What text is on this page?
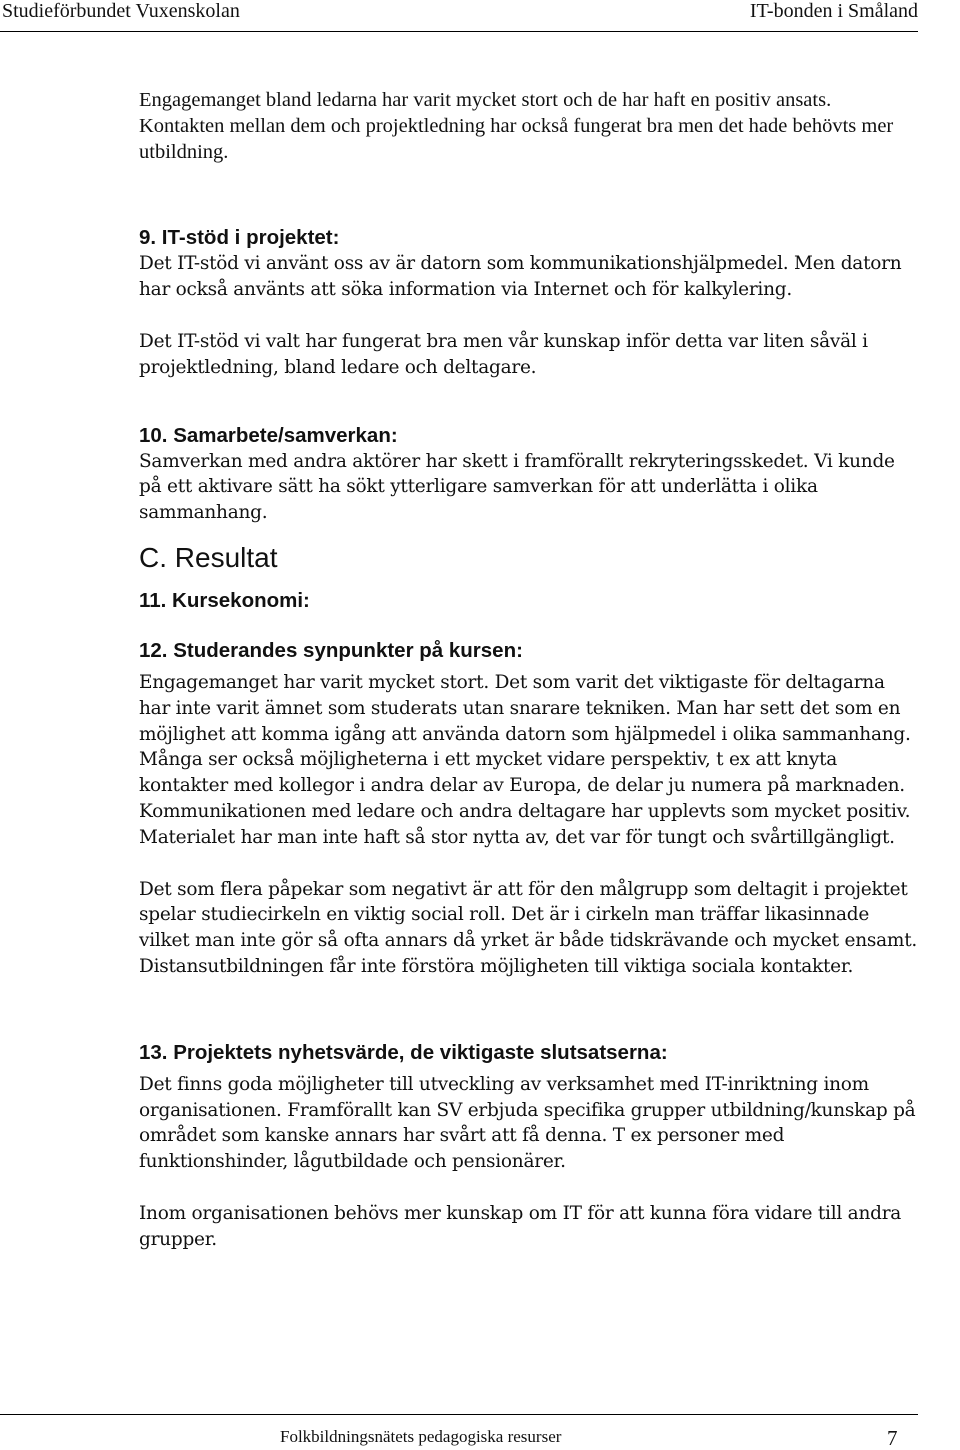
Studieförbundet Vuxenskolan	IT-bonden i Småland

Engagemanget bland ledarna har varit mycket stort och de har haft en positiv ansats. Kontakten mellan dem och projektledning har också fungerat bra men det hade behövts mer utbildning.

9. IT-stöd i projektet:

Det IT-stöd vi använt oss av är datorn som kommunikationshjälpmedel. Men datorn har också använts att söka information via Internet och för kalkylering.

Det IT-stöd vi valt har fungerat bra men vår kunskap inför detta var liten såväl i projektledning, bland ledare och deltagare.

10. Samarbete/samverkan:

Samverkan med andra aktörer har skett i framförallt rekryteringsskedet. Vi kunde på ett aktivare sätt ha sökt ytterligare samverkan för att underlätta i olika sammanhang.

C. Resultat
11. Kursekonomi:
12. Studerandes synpunkter på kursen:

Engagemanget har varit mycket stort. Det som varit det viktigaste för deltagarna har inte varit ämnet som studerats utan snarare tekniken. Man har sett det som en möjlighet att komma igång att använda datorn som hjälpmedel i olika sammanhang. Många ser också möjligheterna i ett mycket vidare perspektiv, t ex att knyta kontakter med kollegor i andra delar av Europa, de delar ju numera på marknaden. Kommunikationen med ledare och andra deltagare har upplevts som mycket positiv. Materialet har man inte haft så stor nytta av, det var för tungt och svårtillgängligt.

Det som flera påpekar som negativt är att för den målgrupp som deltagit i projektet spelar studiecirkeln en viktig social roll. Det är i cirkeln man träffar likasinnade vilket man inte gör så ofta annars då yrket är både tidskrävande och mycket ensamt. Distansutbildningen får inte förstöra möjligheten till viktiga sociala kontakter.

13. Projektets nyhetsvärde, de viktigaste slutsatserna:

Det finns goda möjligheter till utveckling av verksamhet med IT-inriktning inom organisationen. Framförallt kan SV erbjuda specifika grupper utbildning/kunskap på området som kanske annars har svårt att få denna. T ex personer med funktionshinder, lågutbildade och pensionärer.

Inom organisationen behövs mer kunskap om IT för att kunna föra vidare till andra grupper.

Folkbildningsnätets pedagogiska resurser	7
